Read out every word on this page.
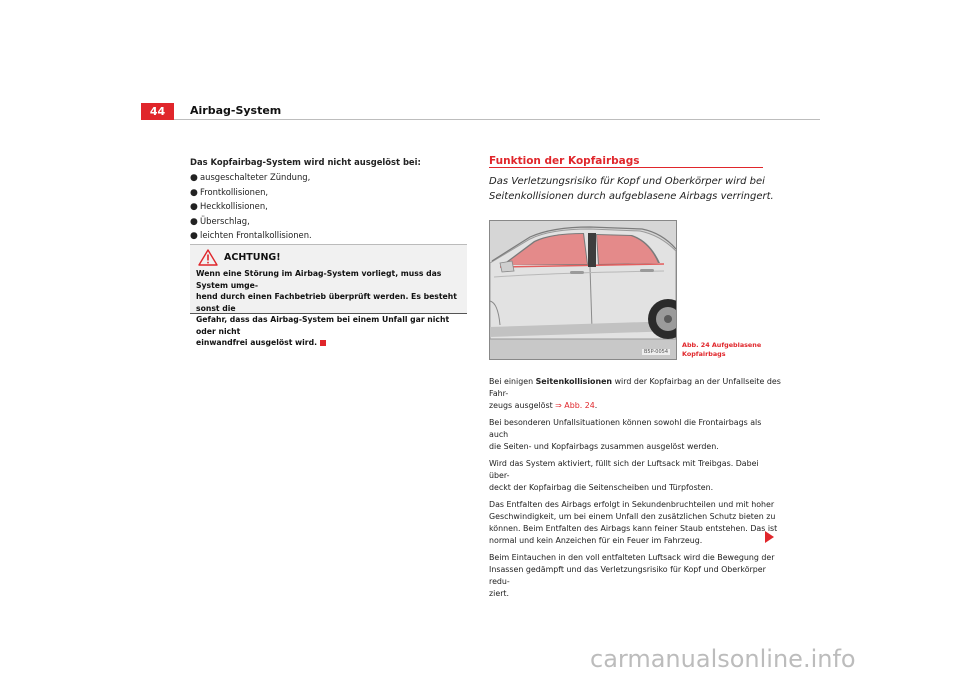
44	Airbag-System
Das Kopfairbag-System wird nicht ausgelöst bei:
● ausgeschalteter Zündung,
● Frontkollisionen,
● Heckkollisionen,
● Überschlag,
● leichten Frontalkollisionen.
ACHTUNG!
Wenn eine Störung im Airbag-System vorliegt, muss das System umge-
hend durch einen Fachbetrieb überprüft werden. Es besteht sonst die
Gefahr, dass das Airbag-System bei einem Unfall gar nicht oder nicht
einwandfrei ausgelöst wird.
Funktion der Kopfairbags
Das Verletzungsrisiko für Kopf und Oberkörper wird bei
Seitenkollisionen durch aufgeblasene Airbags verringert.
B5P-0054
Abb. 24 Aufgeblasene
Kopfairbags

Bei einigen Seitenkollisionen wird der Kopfairbag an der Unfallseite des Fahr-
zeugs ausgelöst ⇒ Abb. 24.

Bei besonderen Unfallsituationen können sowohl die Frontairbags als auch
die Seiten- und Kopfairbags zusammen ausgelöst werden.

Wird das System aktiviert, füllt sich der Luftsack mit Treibgas. Dabei über-
deckt der Kopfairbag die Seitenscheiben und Türpfosten.

Das Entfalten des Airbags erfolgt in Sekundenbruchteilen und mit hoher
Geschwindigkeit, um bei einem Unfall den zusätzlichen Schutz bieten zu
können. Beim Entfalten des Airbags kann feiner Staub entstehen. Das ist
normal und kein Anzeichen für ein Feuer im Fahrzeug.

Beim Eintauchen in den voll entfalteten Luftsack wird die Bewegung der
Insassen gedämpft und das Verletzungsrisiko für Kopf und Oberkörper redu-
ziert.

carmanualsonline.info
